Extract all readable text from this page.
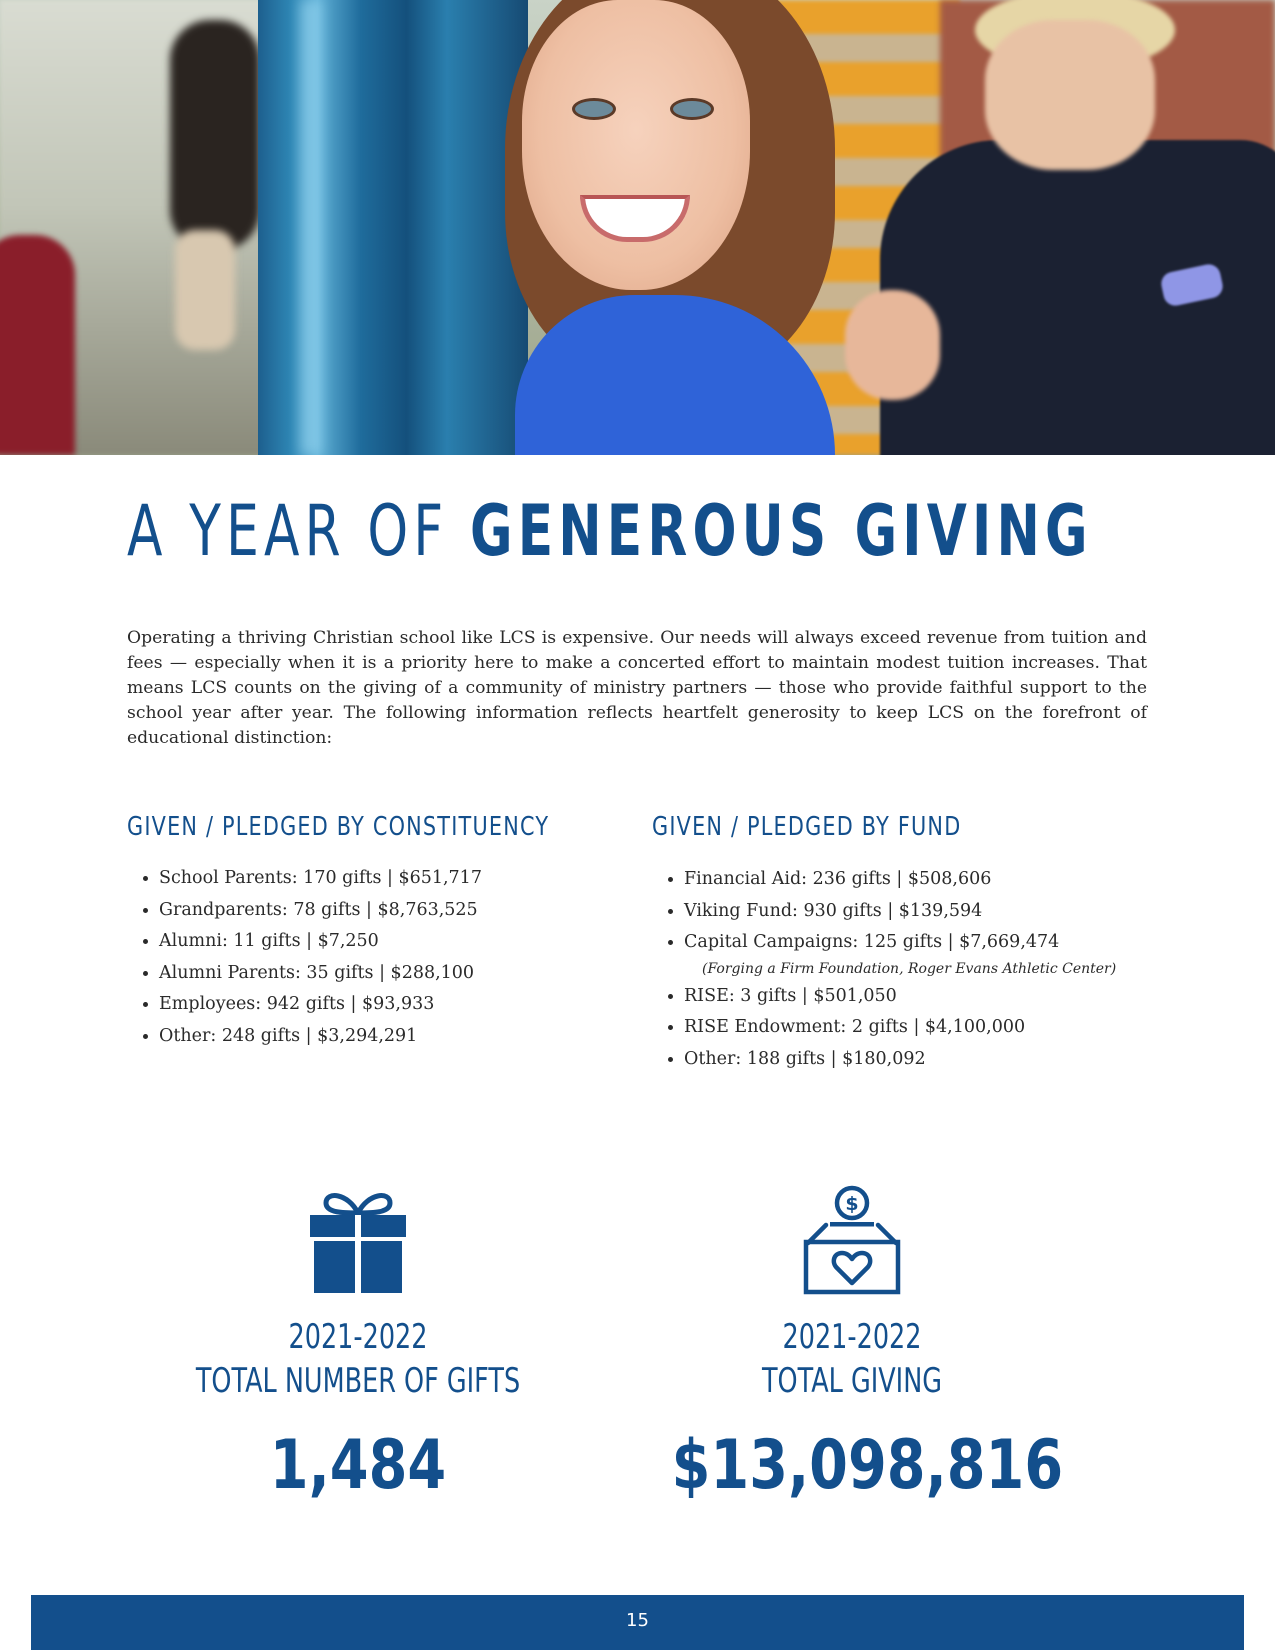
A YEAR OF GENEROUS GIVING

Operating a thriving Christian school like LCS is expensive. Our needs will always exceed revenue from tuition and fees — especially when it is a priority here to make a concerted effort to maintain modest tuition increases. That means LCS counts on the giving of a community of ministry partners — those who provide faithful support to the school year after year. The following information reflects heartfelt generosity to keep LCS on the forefront of educational distinction:

GIVEN / PLEDGED BY CONSTITUENCY
• School Parents: 170 gifts | $651,717
• Grandparents: 78 gifts | $8,763,525
• Alumni: 11 gifts | $7,250
• Alumni Parents: 35 gifts | $288,100
• Employees: 942 gifts | $93,933
• Other: 248 gifts | $3,294,291
GIVEN / PLEDGED BY FUND
• Financial Aid: 236 gifts | $508,606
• Viking Fund: 930 gifts | $139,594
• Capital Campaigns: 125 gifts | $7,669,474
(Forging a Firm Foundation, Roger Evans Athletic Center)
• RISE: 3 gifts | $501,050
• RISE Endowment: 2 gifts | $4,100,000
• Other: 188 gifts | $180,092
2021-2022
TOTAL NUMBER OF GIFTS
1,484
$
2021-2022
TOTAL GIVING
$13,098,816
15
